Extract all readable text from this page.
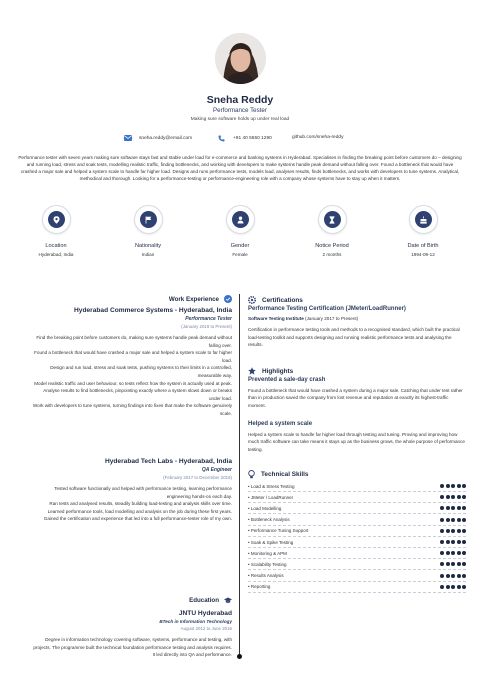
Sneha Reddy
Performance Tester
Making sure software holds up under real load
sneha.reddy@email.com	+91 40 5550 1290	github.com/sneha-reddy
Performance tester with seven years making sure software stays fast and stable under load for e-commerce and banking systems in Hyderabad. Specialises in finding the breaking point before customers do – designing and running load, stress and soak tests, modelling realistic traffic, finding bottlenecks, and working with developers to make systems handle peak demand without falling over. Found a bottleneck that would have crashed a major sale and helped a system scale to handle far higher load. Designs and runs performance tests, models load, analyses results, finds bottlenecks, and works with developers to tune systems. Analytical, methodical and thorough. Looking for a performance-testing or performance-engineering role with a company whose systems have to stay up when it matters.
Location
Hyderabad, India
Nationality
Indian
Gender
Female
Notice Period
2 months
Date of Birth
1994-09-12
Work Experience
Hyderabad Commerce Systems - Hyderabad, India
Performance Tester
(January 2019 to Present)
Find the breaking point before customers do, making sure systems handle peak demand without falling over.
Found a bottleneck that would have crashed a major sale and helped a system scale to far higher load.
Design and run load, stress and soak tests, pushing systems to their limits in a controlled, measurable way.
Model realistic traffic and user behaviour, so tests reflect how the system is actually used at peak.
Analyse results to find bottlenecks, pinpointing exactly where a system slows down or breaks under load.
Work with developers to tune systems, turning findings into fixes that make the software genuinely scale.
Hyderabad Tech Labs - Hyderabad, India
QA Engineer
(February 2017 to December 2018)
Tested software functionally and helped with performance testing, learning performance engineering hands-on each day.
Ran tests and analysed results, steadily building load-testing and analysis skills over time.
Learned performance tools, load modelling and analysis on the job during these first years.
Gained the certification and experience that led into a full performance-tester role of my own.
Education
JNTU Hyderabad
BTech in Information Technology
August 2012 to June 2016
Degree in information technology covering software, systems, performance and testing, with projects. The programme built the technical foundation performance testing and analysis requires. It led directly into QA and performance.
Certifications
Performance Testing Certification (JMeter/LoadRunner)
Software Testing Institute (January 2017 to Present)
Certification in performance testing tools and methods to a recognised standard, which built the practical load-testing toolkit and supports designing and running realistic performance tests and analysing the results.
Highlights
Prevented a sale-day crash
Found a bottleneck that would have crashed a system during a major sale. Catching that under test rather than in production saved the company from lost revenue and reputation at exactly its highest-traffic moment.
Helped a system scale
Helped a system scale to handle far higher load through testing and tuning. Proving and improving how much traffic software can take means it stays up as the business grows, the whole purpose of performance testing.
Technical Skills
• Load & Stress Testing
• JMeter / LoadRunner
• Load Modelling
• Bottleneck Analysis
• Performance Tuning Support
• Soak & Spike Testing
• Monitoring & APM
• Scalability Testing
• Results Analysis
• Reporting
